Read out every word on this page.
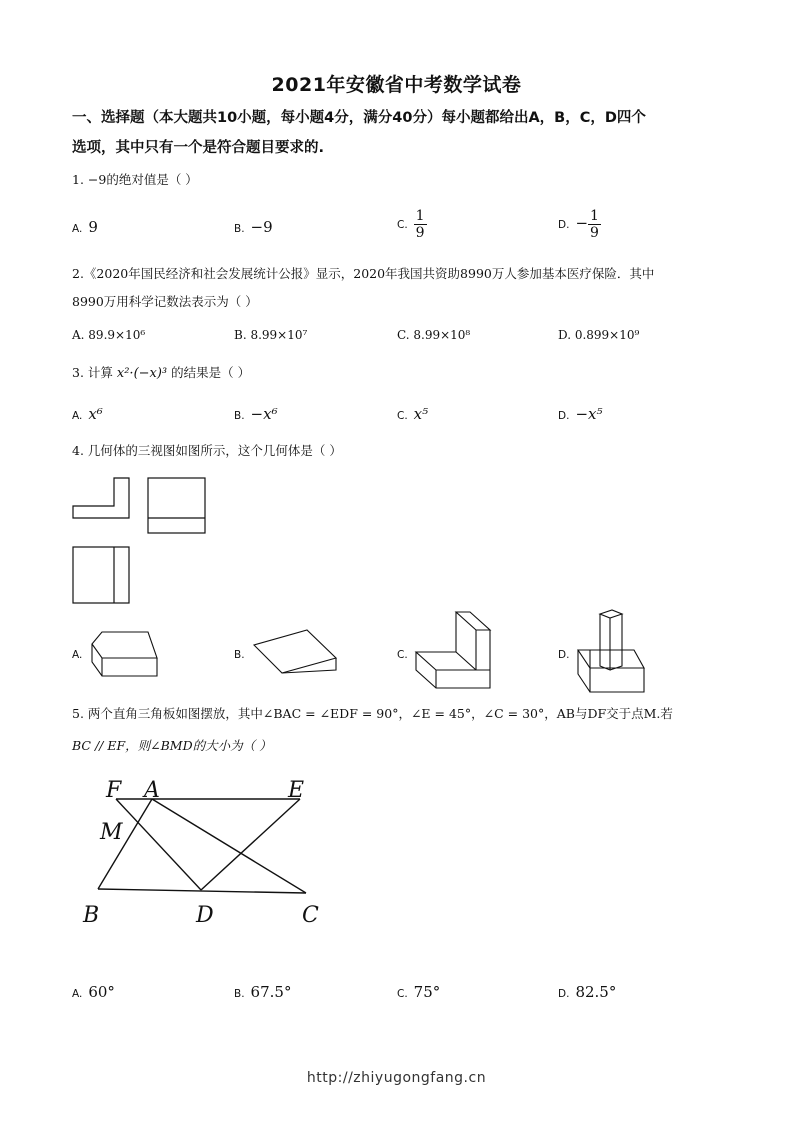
2021年安徽省中考数学试卷
一、选择题（本大题共10小题，每小题4分，满分40分）每小题都给出A，B，C，D四个
选项，其中只有一个是符合题目要求的.
1. −9的绝对值是（ ）
A. 9	B. −9	C. $\frac{1}{9}$	D. − $\frac{1}{9}$
2.《2020年国民经济和社会发展统计公报》显示，2020年我国共资助8990万人参加基本医疗保险．其中
8990万用科学记数法表示为（ ）
A. 89.9×10⁶	B. 8.99×10⁷	C. 8.99×10⁸	D. 0.899×10⁹
3. 计算 x²·(−x)³ 的结果是（ ）
A. x⁶	B. −x⁶	C. x⁵	D. −x⁵
4. 几何体的三视图如图所示，这个几何体是（ ）
A.	B.	C.	D.
5. 两个直角三角板如图摆放，其中∠BAC = ∠EDF = 90°，∠E = 45°，∠C = 30°，AB与DF交于点M.若
BC // EF，则∠BMD的大小为（ ）
F A	E
M
B	D	C
A. 60°	B. 67.5°	C. 75°	D. 82.5°
http://zhiyugongfang.cn
